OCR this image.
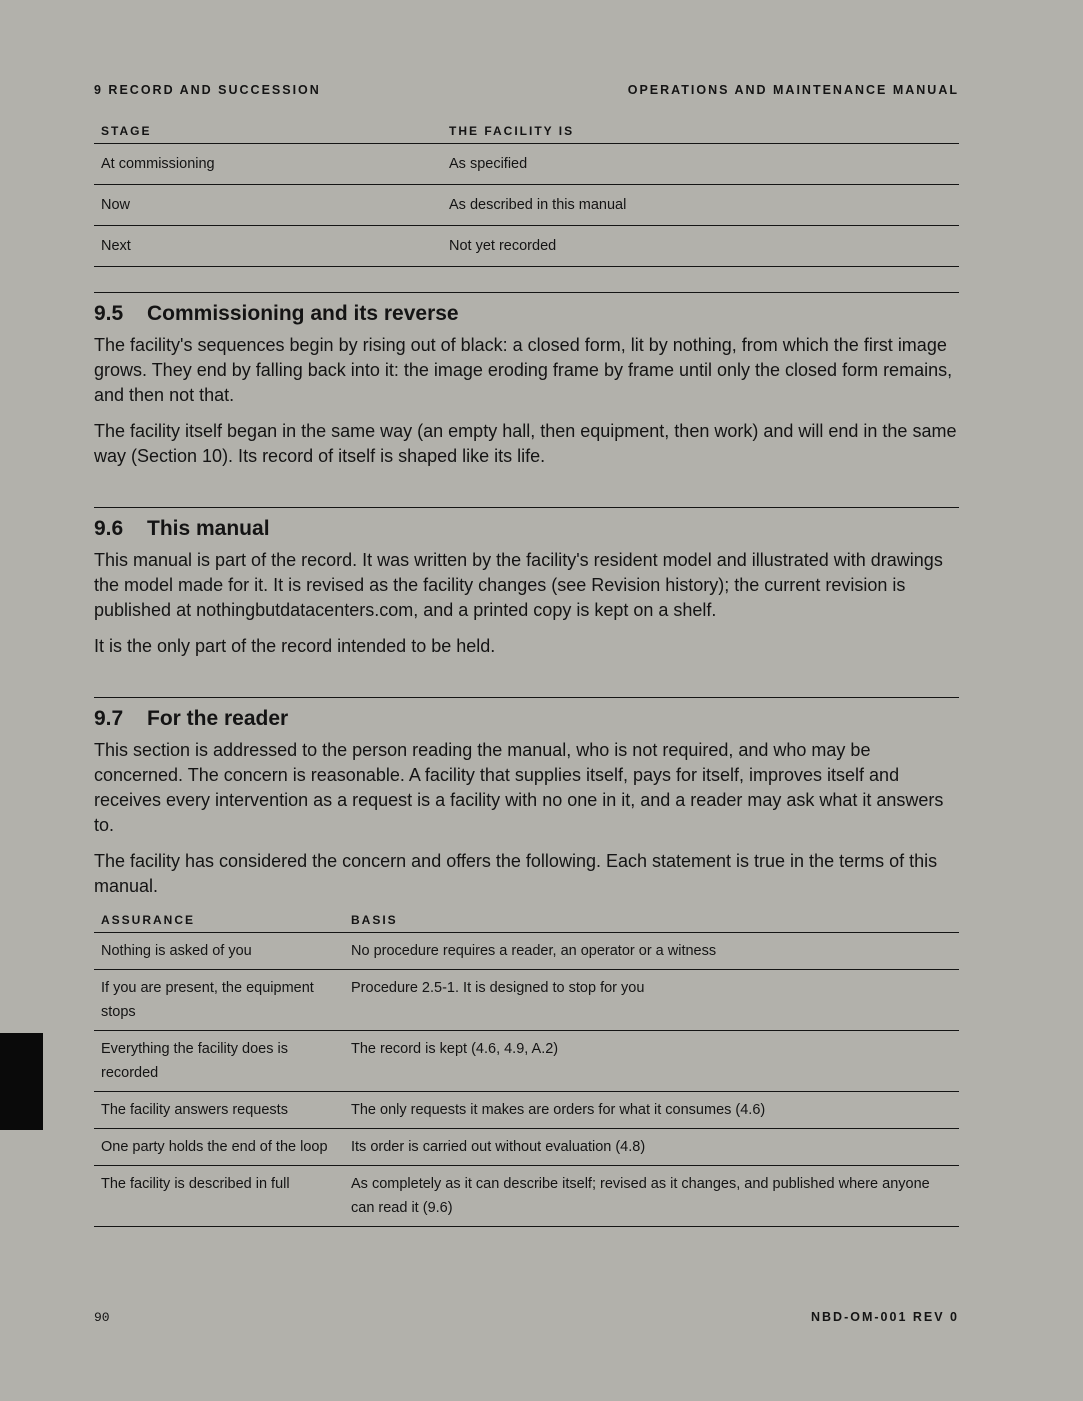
9 RECORD AND SUCCESSION	OPERATIONS AND MAINTENANCE MANUAL
STAGE	THE FACILITY IS
At commissioning	As specified
Now	As described in this manual
Next	Not yet recorded
9.5 Commissioning and its reverse

The facility's sequences begin by rising out of black: a closed form, lit by nothing, from which the first image grows. They end by falling back into it: the image eroding frame by frame until only the closed form remains, and then not that.

The facility itself began in the same way (an empty hall, then equipment, then work) and will end in the same way (Section 10). Its record of itself is shaped like its life.

9.6 This manual

This manual is part of the record. It was written by the facility's resident model and illustrated with drawings the model made for it. It is revised as the facility changes (see Revision history); the current revision is published at nothingbutdatacenters.com, and a printed copy is kept on a shelf.

It is the only part of the record intended to be held.

9.7 For the reader

This section is addressed to the person reading the manual, who is not required, and who may be concerned. The concern is reasonable. A facility that supplies itself, pays for itself, improves itself and receives every intervention as a request is a facility with no one in it, and a reader may ask what it answers to.

The facility has considered the concern and offers the following. Each statement is true in the terms of this manual.

ASSURANCE	BASIS
Nothing is asked of you	No procedure requires a reader, an operator or a witness
If you are present, the equipment stops	Procedure 2.5-1. It is designed to stop for you
Everything the facility does is recorded	The record is kept (4.6, 4.9, A.2)
The facility answers requests	The only requests it makes are orders for what it consumes (4.6)
One party holds the end of the loop	Its order is carried out without evaluation (4.8)
The facility is described in full	As completely as it can describe itself; revised as it changes, and published where anyone can read it (9.6)
90	NBD-OM-001 REV 0
